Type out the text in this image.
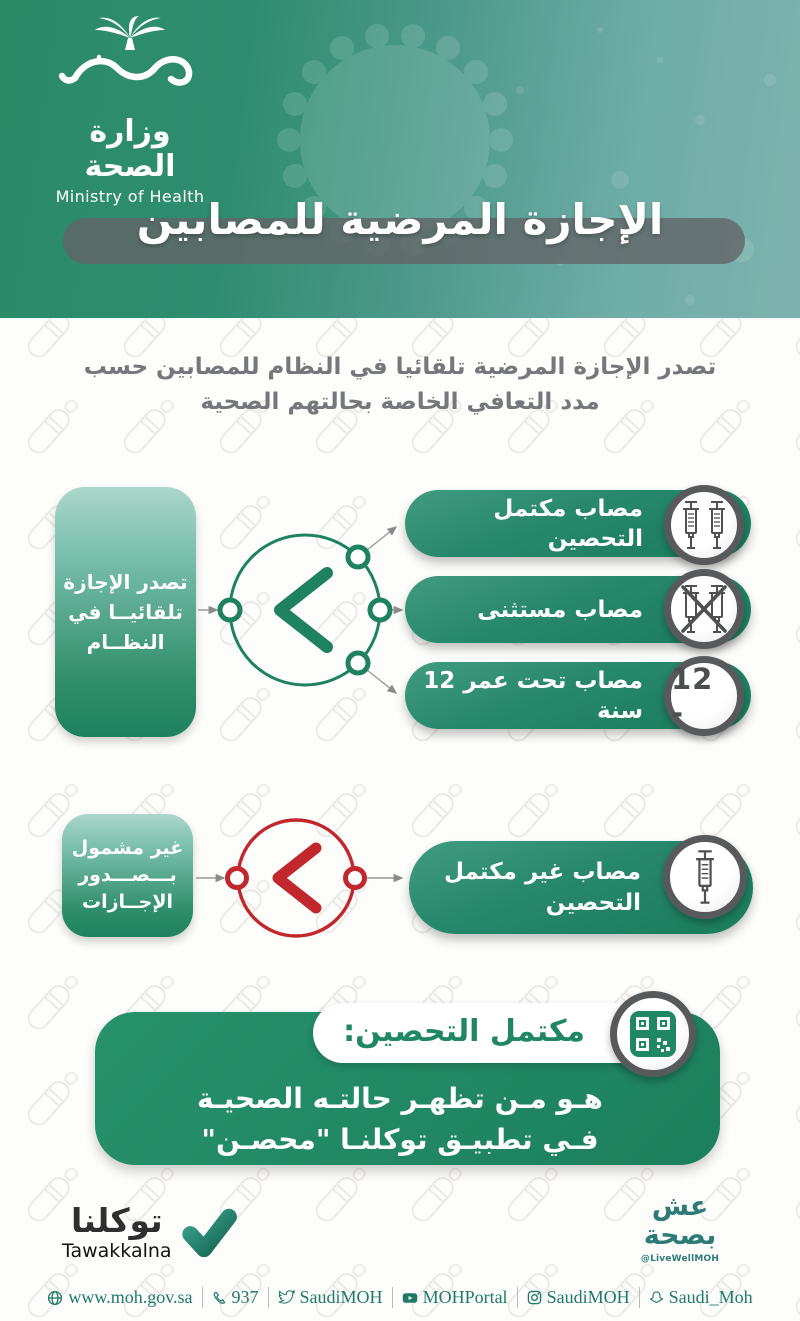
وزارة الصحة
Ministry of Health
الإجازة المرضية للمصابين

تصدر الإجازة المرضية تلقائيا في النظام للمصابين حسب
مدد التعافي الخاصة بحالتهم الصحية

تصدر الإجازة
تلقائيــا في
النظــام
مصاب مكتمل التحصين
مصاب مستثنى
مصاب تحت عمر 12 سنة
12 -
غير مشمول
بـــصـــدور
الإجــازات
مصاب غير مكتمل
التحصين
مكتمل التحصين:
هـو مـن تظهـر حالتـه الصحيـة
فـي تطبيـق توكلنـا "محصـن"
توكلنا
Tawakkalna
عش
بصحة
@LiveWellMOH
www.moh.gov.sa 937 SaudiMOH MOHPortal SaudiMOH Saudi_Moh
